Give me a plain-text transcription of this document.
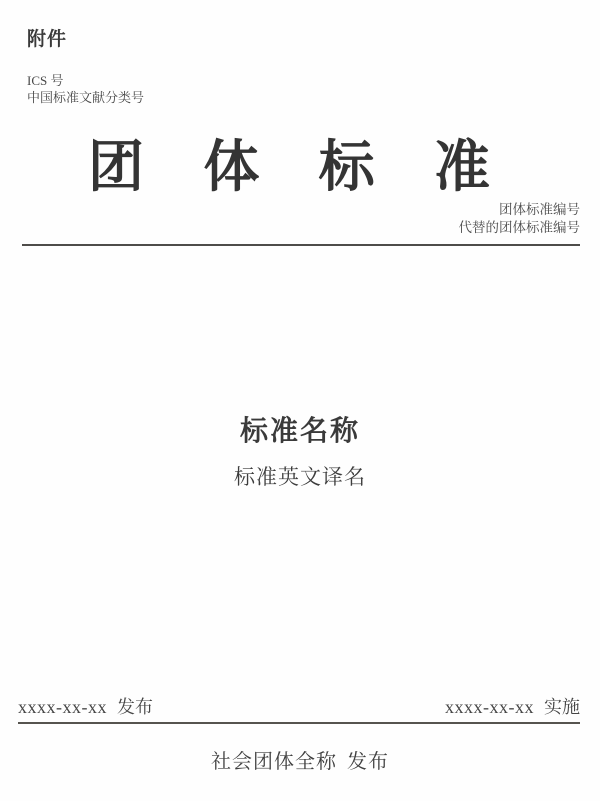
附件
ICS 号
中国标准文献分类号
团 体 标 准
团体标准编号
代替的团体标准编号
标准名称
标准英文译名
xxxx-xx-xx 发布	xxxx-xx-xx 实施
社会团体全称 发布
